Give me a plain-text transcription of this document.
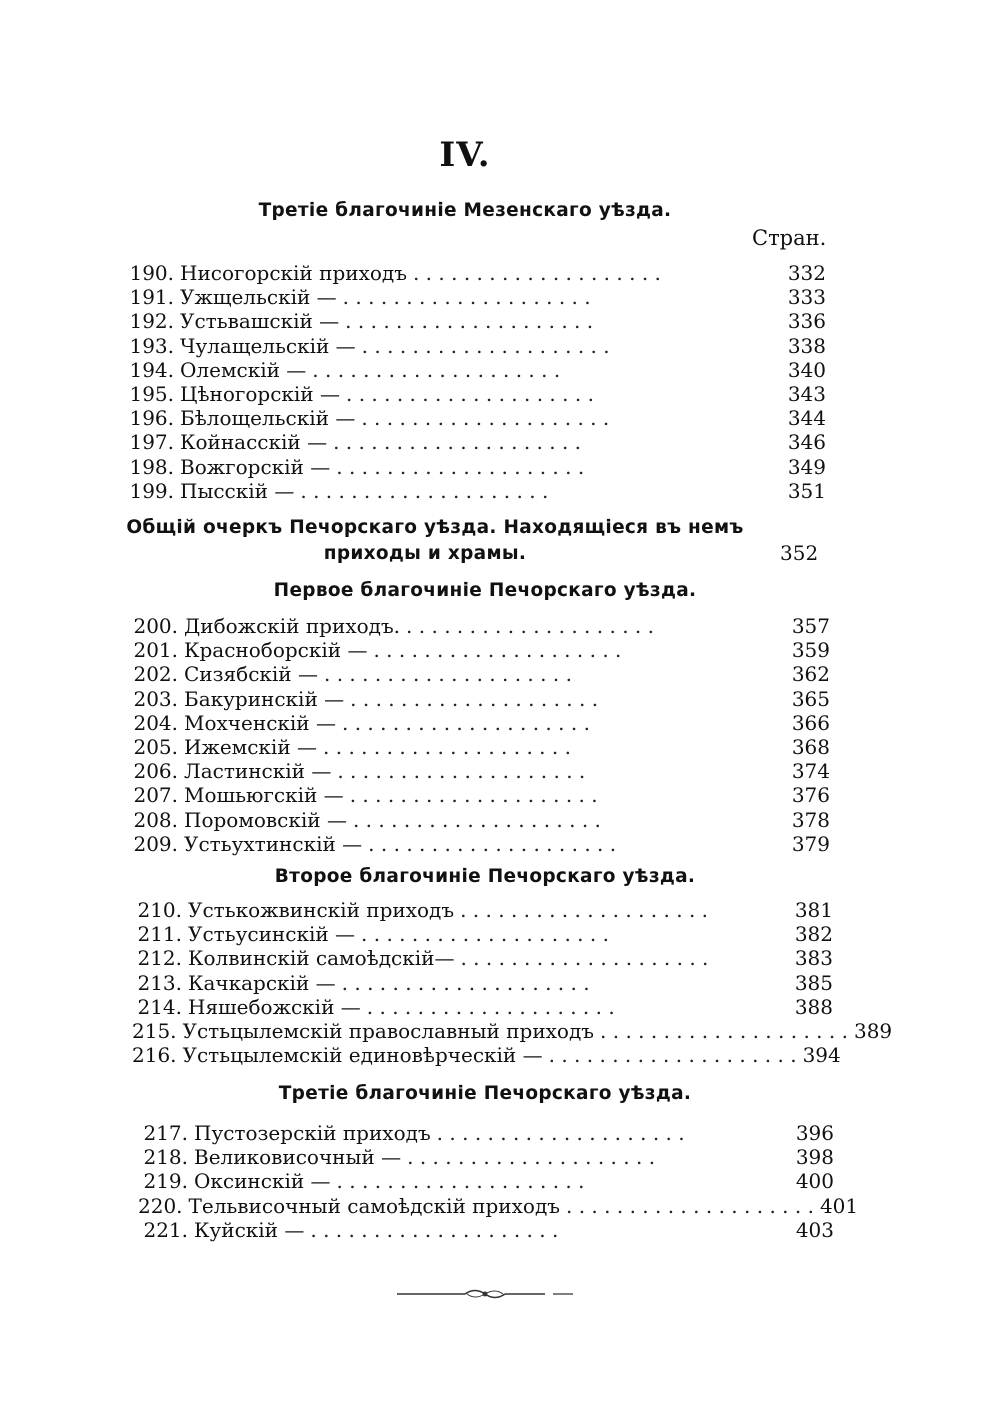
IV.
Третіе благочиніе Мезенскаго уѣзда.
Стран.
Общій очеркъ Печорскаго уѣзда. Находящіеся въ немъ
приходы и храмы.	352
Первое благочиніе Печорскаго уѣзда.
Второе благочиніе Печорскаго уѣзда.
Третіе благочиніе Печорскаго уѣзда.
190. Нисогорскій приходъ . . . . . . . . . . . . . . . . . . . .	332
191. Ужщельскій — . . . . . . . . . . . . . . . . . . . .	333
192. Устьвашскій — . . . . . . . . . . . . . . . . . . . .	336
193. Чулащельскій — . . . . . . . . . . . . . . . . . . . .	338
194. Олемскій — . . . . . . . . . . . . . . . . . . . .	340
195. Цѣногорскій — . . . . . . . . . . . . . . . . . . . .	343
196. Бѣлощельскій — . . . . . . . . . . . . . . . . . . . .	344
197. Койнасскій — . . . . . . . . . . . . . . . . . . . .	346
198. Вожгорскій — . . . . . . . . . . . . . . . . . . . .	349
199. Пысскій — . . . . . . . . . . . . . . . . . . . .	351
200. Дибожскій приходъ. . . . . . . . . . . . . . . . . . . . .	357
201. Красноборскій — . . . . . . . . . . . . . . . . . . . .	359
202. Сизябскій — . . . . . . . . . . . . . . . . . . . .	362
203. Бакуринскій — . . . . . . . . . . . . . . . . . . . .	365
204. Мохченскій — . . . . . . . . . . . . . . . . . . . .	366
205. Ижемскій — . . . . . . . . . . . . . . . . . . . .	368
206. Ластинскій — . . . . . . . . . . . . . . . . . . . .	374
207. Мошьюгскій — . . . . . . . . . . . . . . . . . . . .	376
208. Поромовскій — . . . . . . . . . . . . . . . . . . . .	378
209. Устьухтинскій — . . . . . . . . . . . . . . . . . . . .	379
210. Устькожвинскій приходъ . . . . . . . . . . . . . . . . . . . .	381
211. Устьусинскій — . . . . . . . . . . . . . . . . . . . .	382
212. Колвинскій самоѣдскій— . . . . . . . . . . . . . . . . . . . .	383
213. Качкарскій — . . . . . . . . . . . . . . . . . . . .	385
214. Няшебожскій — . . . . . . . . . . . . . . . . . . . .	388
215. Устьцылемскій православный приходъ . . . . . . . . . . . . . . . . . . . . 389
216. Устьцылемскій единовѣрческій — . . . . . . . . . . . . . . . . . . . . 394
217. Пустозерскій приходъ . . . . . . . . . . . . . . . . . . . .	396
218. Великовисочный — . . . . . . . . . . . . . . . . . . . .	398
219. Оксинскій — . . . . . . . . . . . . . . . . . . . .	400
220. Тельвисочный самоѣдскій приходъ . . . . . . . . . . . . . . . . . . . . 401
221. Куйскій — . . . . . . . . . . . . . . . . . . . .	403
